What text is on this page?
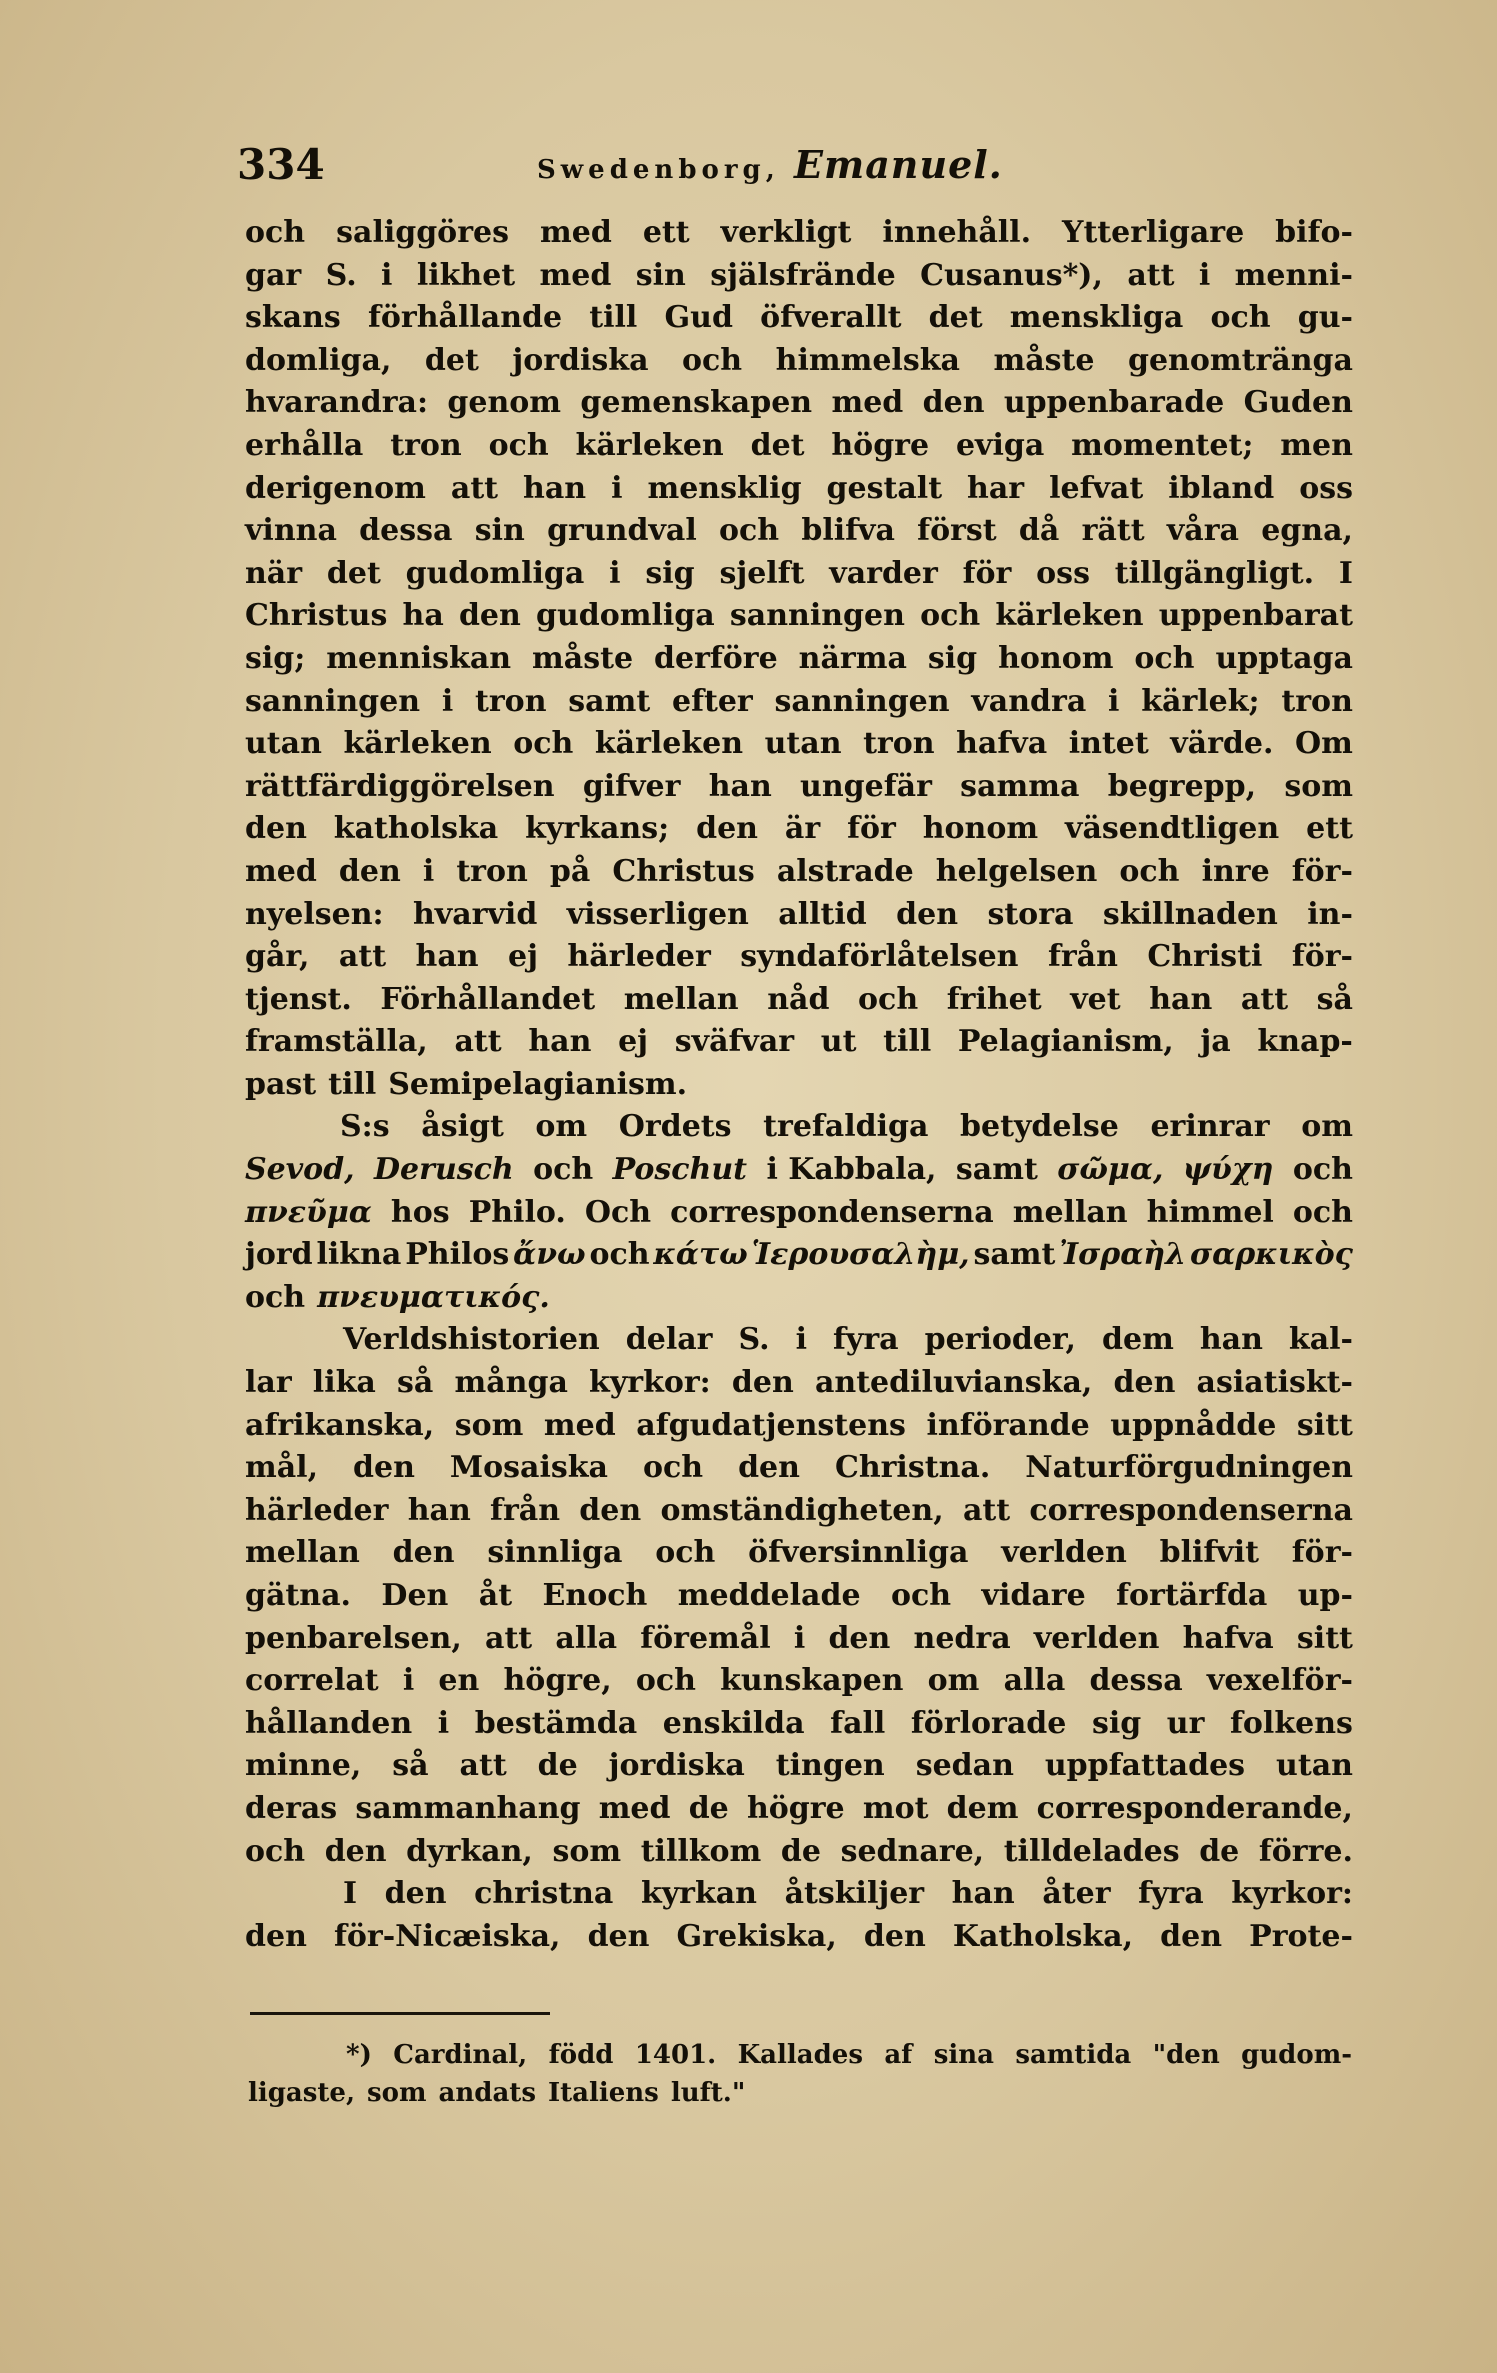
334	Swedenborg, Emanuel.
och saliggöres med ett verkligt innehåll. Ytterligare bifo-
gar S. i likhet med sin själsfrände Cusanus*), att i menni-
skans förhållande till Gud öfverallt det menskliga och gu-
domliga, det jordiska och himmelska måste genomtränga
hvarandra: genom gemenskapen med den uppenbarade Guden
erhålla tron och kärleken det högre eviga momentet; men
derigenom att han i mensklig gestalt har lefvat ibland oss
vinna dessa sin grundval och blifva först då rätt våra egna,
när det gudomliga i sig sjelft varder för oss tillgängligt. I
Christus ha den gudomliga sanningen och kärleken uppenbarat
sig; menniskan måste derföre närma sig honom och upptaga
sanningen i tron samt efter sanningen vandra i kärlek; tron
utan kärleken och kärleken utan tron hafva intet värde. Om
rättfärdiggörelsen gifver han ungefär samma begrepp, som
den katholska kyrkans; den är för honom väsendtligen ett
med den i tron på Christus alstrade helgelsen och inre för-
nyelsen: hvarvid visserligen alltid den stora skillnaden in-
går, att han ej härleder syndaförlåtelsen från Christi för-
tjenst. Förhållandet mellan nåd och frihet vet han att så
framställa, att han ej sväfvar ut till Pelagianism, ja knap-
past till Semipelagianism.
S:s åsigt om Ordets trefaldiga betydelse erinrar om
Sevod, Derusch och Poschut i Kabbala, samt σῶμα, ψύχη och
πνεῦμα hos Philo. Och correspondenserna mellan himmel och
jord likna Philos ἄνω och κάτω Ἱερουσαλὴμ, samt Ἰσραὴλ σαρκικὸς
och πνευματικός.
Verldshistorien delar S. i fyra perioder, dem han kal-
lar lika så många kyrkor: den antediluvianska, den asiatiskt-
afrikanska, som med afgudatjenstens införande uppnådde sitt
mål, den Mosaiska och den Christna. Naturförgudningen
härleder han från den omständigheten, att correspondenserna
mellan den sinnliga och öfversinnliga verlden blifvit för-
gätna. Den åt Enoch meddelade och vidare fortärfda up-
penbarelsen, att alla föremål i den nedra verlden hafva sitt
correlat i en högre, och kunskapen om alla dessa vexelför-
hållanden i bestämda enskilda fall förlorade sig ur folkens
minne, så att de jordiska tingen sedan uppfattades utan
deras sammanhang med de högre mot dem corresponderande,
och den dyrkan, som tillkom de sednare, tilldelades de förre.
I den christna kyrkan åtskiljer han åter fyra kyrkor:
den för-Nicæiska, den Grekiska, den Katholska, den Prote-
*) Cardinal, född 1401. Kallades af sina samtida "den gudom-
ligaste, som andats Italiens luft."
